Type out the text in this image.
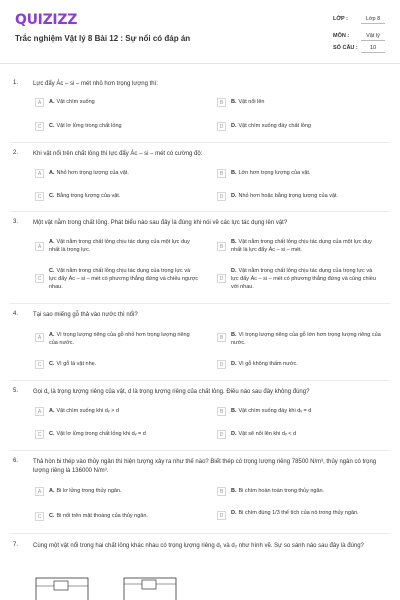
QUIZIZZ
Trắc nghiệm Vật lý 8 Bài 12 : Sự nổi có đáp án
LỚP :	Lớp 8
MÔN :	Vật lý
SỐ CÂU : 10
1. Lực đẩy Ác – si – mét nhỏ hơn trọng lượng thì:
A	A. Vật chìm xuống	B	B. Vật nổi lên
C	C. Vật lơ lửng trong chất lỏng	D	D. Vật chìm xuống đáy chất lỏng
2. Khi vật nổi trên chất lỏng thì lực đẩy Ác – si – mét có cường độ:
A	A. Nhỏ hơn trọng lượng của vật.	B	B. Lớn hơn trọng lượng của vật.
C	C. Bằng trọng lượng của vật.	D	D. Nhỏ hơn hoặc bằng trọng lượng của vật.
3. Một vật nằm trong chất lỏng. Phát biểu nào sau đây là đúng khi nói về các lực tác dụng lên vật?
A
A. Vật nằm trong chất lỏng chịu tác dụng của một lực duy nhất là trọng lực.	B
B. Vật nằm trong chất lỏng chịu tác dụng của một lực duy nhất là lực đẩy Ác – si – mét.
C
C. Vật nằm trong chất lỏng chịu tác dụng của trọng lực và lực đẩy Ác – si – mét có phương thẳng đứng và chiều ngược nhau.
D
D. Vật nằm trong chất lỏng chịu tác dụng của trọng lực và lực đẩy Ác – si – mét có phương thẳng đứng và cùng chiều với nhau.
4. Tại sao miếng gỗ thả vào nước thì nổi?
A	A. Vì trọng lượng riêng của gỗ nhỏ hơn trọng lượng riêng của nước.
B	B. Vì trọng lượng riêng của gỗ lớn hơn trọng lượng riêng của nước.
C	C. Vì gỗ là vật nhẹ.	D	D. Vì gỗ không thấm nước.
5. Gọi $d_v$ là trọng lượng riêng của vật, d là trọng lượng riêng của chất lỏng. Điều nào sau đây không đúng?
A	A. Vật chìm xuống khi dᵥ > d	B	B. Vật chìm xuống đáy khi dᵥ = d
C	C. Vật lơ lửng trong chất lỏng khi dᵥ = d	D	D. Vật sẽ nổi lên khi dᵥ < d
6. Thả hòn bi thép vào thủy ngân thì hiện tượng xảy ra như thế nào? Biết thép có trọng lượng riêng 78500 N/m³, thủy ngân có trọng lượng riêng là 136000 N/m³.
A	A. Bi lơ lửng trong thủy ngân.	B	B. Bi chìm hoàn toàn trong thủy ngân.
C	C. Bi nổi trên mặt thoáng của thủy ngân.	D	D. Bi chìm đúng 1/3 thể tích của nó trong thủy ngân.
7. Cùng một vật nổi trong hai chất lỏng khác nhau có trọng lượng riêng d₁ và d₂ như hình vẽ. Sự so sánh nào sau đây là đúng?
